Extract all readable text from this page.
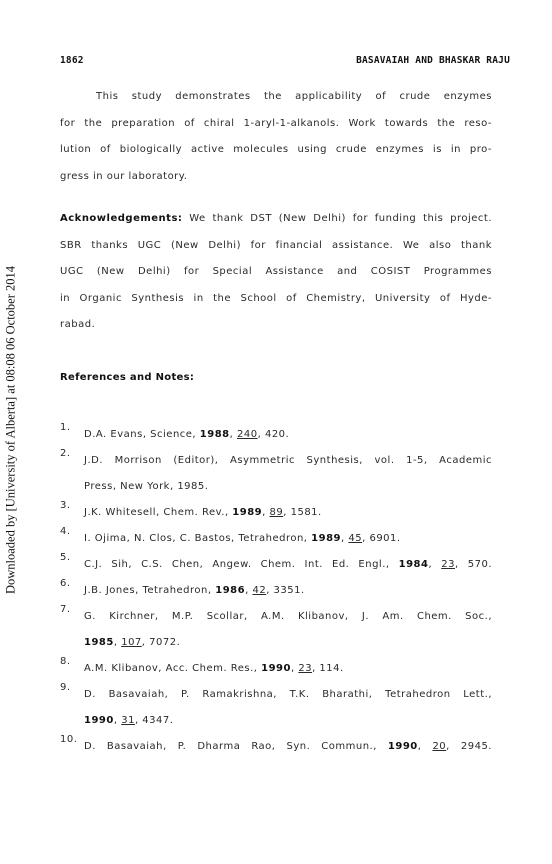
Downloaded by [University of Alberta] at 08:08 06 October 2014
1862	BASAVAIAH AND BHASKAR RAJU
This study demonstrates the applicability of crude enzymes
for the preparation of chiral 1-aryl-1-alkanols. Work towards the reso-
lution of biologically active molecules using crude enzymes is in pro-
gress in our laboratory.
Acknowledgements: We thank DST (New Delhi) for funding this project.
SBR thanks UGC (New Delhi) for financial assistance. We also thank
UGC (New Delhi) for Special Assistance and COSIST Programmes
in Organic Synthesis in the School of Chemistry, University of Hyde-
rabad.
References and Notes:
1.
D.A. Evans, Science, 1988, 240, 420.
2.
J.D. Morrison (Editor), Asymmetric Synthesis, vol. 1-5, Academic
Press, New York, 1985.
3.
J.K. Whitesell, Chem. Rev., 1989, 89, 1581.
4.
I. Ojima, N. Clos, C. Bastos, Tetrahedron, 1989, 45, 6901.
5.
C.J. Sih, C.S. Chen, Angew. Chem. Int. Ed. Engl., 1984, 23, 570.
6.
J.B. Jones, Tetrahedron, 1986, 42, 3351.
7.
G. Kirchner, M.P. Scollar, A.M. Klibanov, J. Am. Chem. Soc.,
1985, 107, 7072.
8.
A.M. Klibanov, Acc. Chem. Res., 1990, 23, 114.
9.
D. Basavaiah, P. Ramakrishna, T.K. Bharathi, Tetrahedron Lett.,
1990, 31, 4347.
10.
D. Basavaiah, P. Dharma Rao, Syn. Commun., 1990, 20, 2945.
